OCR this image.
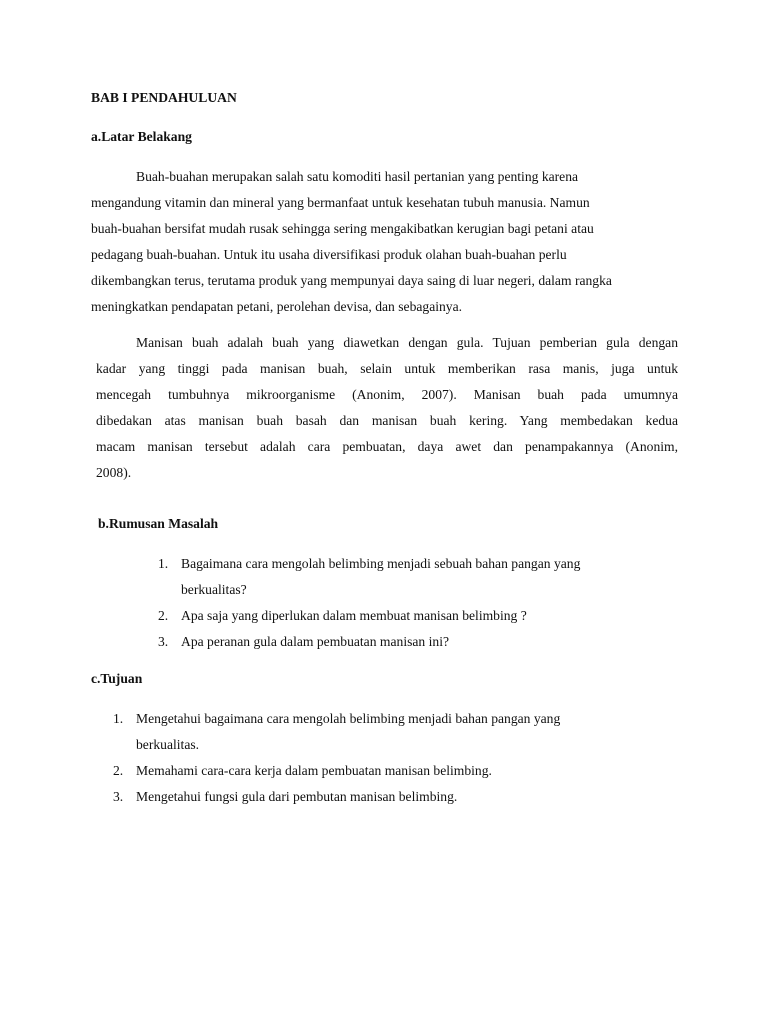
BAB I PENDAHULUAN
a.Latar Belakang
Buah-buahan merupakan salah satu komoditi hasil pertanian yang penting karena
mengandung vitamin dan mineral yang bermanfaat untuk kesehatan tubuh manusia. Namun
buah-buahan bersifat mudah rusak sehingga sering mengakibatkan kerugian bagi petani atau
pedagang buah-buahan. Untuk itu usaha diversifikasi produk olahan buah-buahan perlu
dikembangkan terus, terutama produk yang mempunyai daya saing di luar negeri, dalam rangka
meningkatkan pendapatan petani, perolehan devisa, dan sebagainya.
Manisan buah adalah buah yang diawetkan dengan gula. Tujuan pemberian gula dengan
kadar yang tinggi pada manisan buah, selain untuk memberikan rasa manis, juga untuk
mencegah tumbuhnya mikroorganisme (Anonim, 2007). Manisan buah pada umumnya
dibedakan atas manisan buah basah dan manisan buah kering. Yang membedakan kedua
macam manisan tersebut adalah cara pembuatan, daya awet dan penampakannya (Anonim,
2008).
b.Rumusan Masalah
1. Bagaimana cara mengolah belimbing menjadi sebuah bahan pangan yang
berkualitas?
2. Apa saja yang diperlukan dalam membuat manisan belimbing ?
3. Apa peranan gula dalam pembuatan manisan ini?
c.Tujuan
1. Mengetahui bagaimana cara mengolah belimbing menjadi bahan pangan yang
berkualitas.
2. Memahami cara-cara kerja dalam pembuatan manisan belimbing.
3. Mengetahui fungsi gula dari pembutan manisan belimbing.
